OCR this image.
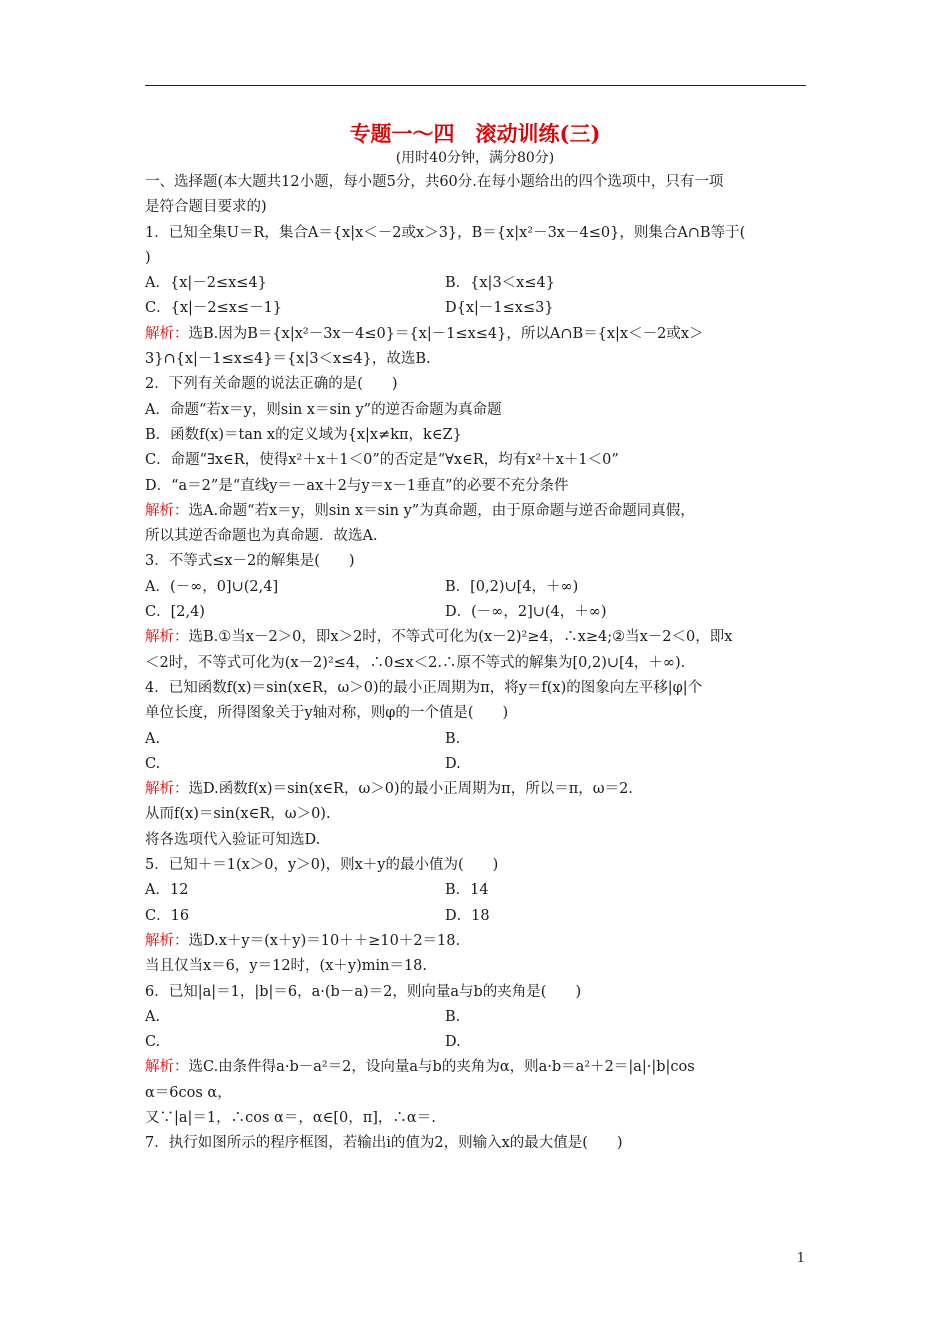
专题一～四　滚动训练(三)
(用时40分钟，满分80分)
一、选择题(本大题共12小题，每小题5分，共60分.在每小题给出的四个选项中，只有一项
是符合题目要求的)
1．已知全集U＝R，集合A＝{x|x＜－2或x＞3}，B＝{x|x²－3x－4≤0}，则集合A∩B等于(
)
A．{x|－2≤x≤4}	B．{x|3＜x≤4}
C．{x|－2≤x≤－1}	D{x|－1≤x≤3}
解析：选B.因为B＝{x|x²－3x－4≤0}＝{x|－1≤x≤4}，所以A∩B＝{x|x＜－2或x＞
3}∩{x|－1≤x≤4}＝{x|3＜x≤4}，故选B.
2．下列有关命题的说法正确的是(　　)
A．命题“若x＝y，则sin x＝sin y”的逆否命题为真命题
B．函数f(x)＝tan x的定义域为{x|x≠kπ，k∈Z}
C．命题“∃x∈R，使得x²＋x＋1＜0”的否定是“∀x∈R，均有x²＋x＋1＜0”
D．“a＝2”是“直线y＝－ax＋2与y＝x－1垂直”的必要不充分条件
解析：选A.命题“若x＝y，则sin x＝sin y”为真命题，由于原命题与逆否命题同真假，
所以其逆否命题也为真命题．故选A.
3．不等式≤x－2的解集是(　　)
A．(－∞，0]∪(2,4]	B．[0,2)∪[4，＋∞)
C．[2,4)	D．(－∞，2]∪(4，＋∞)
解析：选B.①当x－2＞0，即x＞2时，不等式可化为(x－2)²≥4，∴x≥4;②当x－2＜0，即x
＜2时，不等式可化为(x－2)²≤4，∴0≤x＜2.∴原不等式的解集为[0,2)∪[4，＋∞).
4．已知函数f(x)＝sin(x∈R，ω＞0)的最小正周期为π，将y＝f(x)的图象向左平移|φ|个
单位长度，所得图象关于y轴对称，则φ的一个值是(　　)
A.	B.
C.	D.
解析：选D.函数f(x)＝sin(x∈R，ω＞0)的最小正周期为π，所以＝π，ω＝2.
从而f(x)＝sin(x∈R，ω＞0).
将各选项代入验证可知选D.
5．已知＋＝1(x＞0，y＞0)，则x＋y的最小值为(　　)
A．12	B．14
C．16	D．18
解析：选D.x＋y＝(x＋y)＝10＋＋≥10＋2＝18.
当且仅当x＝6，y＝12时，(x＋y)min＝18.
6．已知|a|＝1，|b|＝6，a·(b－a)＝2，则向量a与b的夹角是(　　)
A.	B.
C.	D.
解析：选C.由条件得a·b－a²＝2，设向量a与b的夹角为α，则a·b＝a²＋2＝|a|·|b|cos
α＝6cos α，
又∵|a|＝1，∴cos α＝，α∈[0，π]，∴α＝.
7．执行如图所示的程序框图，若输出i的值为2，则输入x的最大值是(　　)
1
